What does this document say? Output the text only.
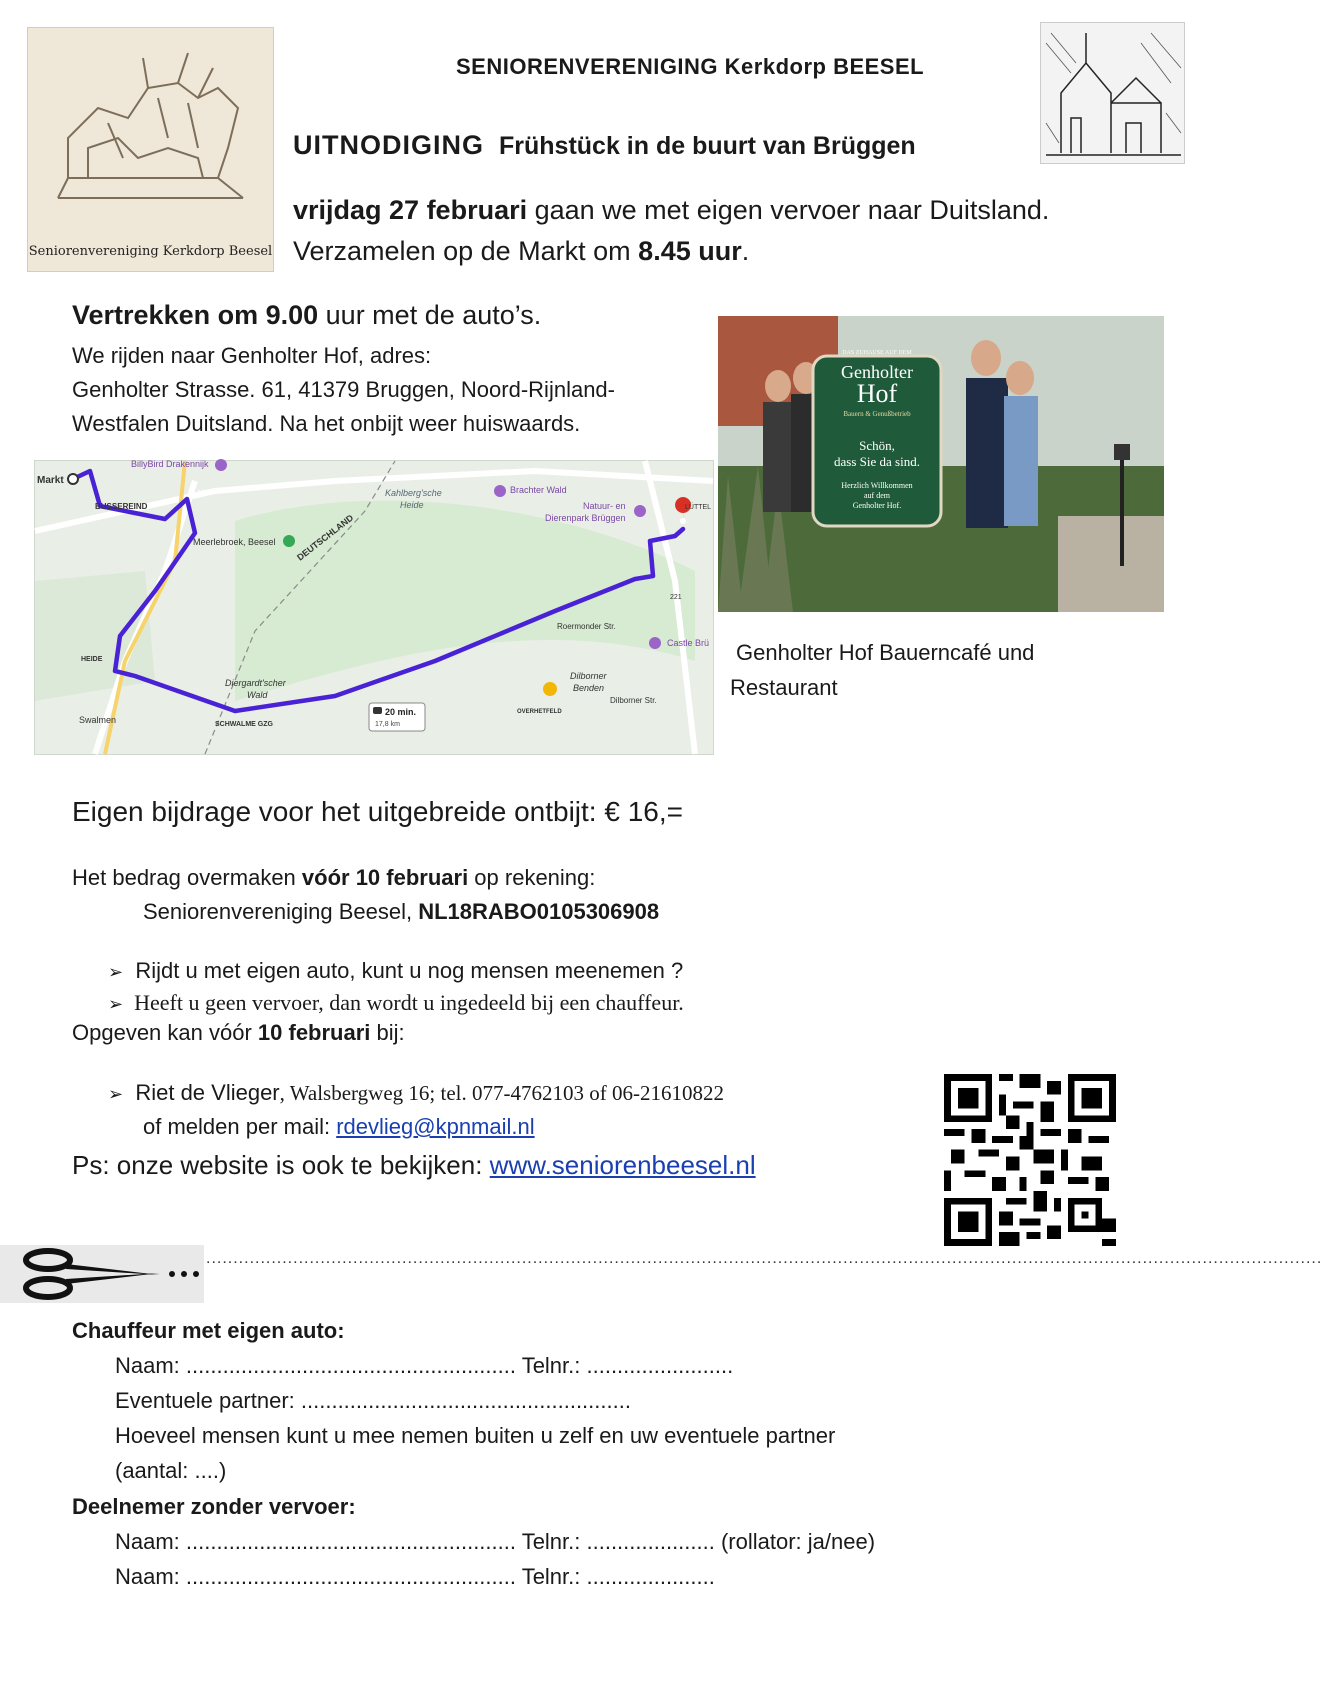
Seniorenvereniging Kerkdorp Beesel
SENIORENVERENIGING Kerkdorp BEESEL
UITNODIGING Frühstück in de buurt van Brüggen
vrijdag 27 februari gaan we met eigen vervoer naar Duitsland.
Verzamelen op de Markt om 8.45 uur.
Vertrekken om 9.00 uur met de auto’s.
We rijden naar Genholter Hof, adres:
Genholter Strasse. 61, 41379 Bruggen, Noord-Rijnland-
Westfalen Duitsland. Na het onbijt weer huiswaards.
Markt
BUSSEREIND
BillyBird Drakennijk
A73
Meerlebroek, Beesel DEUTSCHLAND
Kahlberg'sche
Heide
Brachter Wald
Natuur- en
Dierenpark Brüggen
LÜTTEL
221
Roermonder Str.
Castle Brü
Dilborner
Benden
Dilborner Str.
OVERHETFELD
HEIDE
Swalmen
Diergardt'scher
Wald
SCHWALME GZG
20 min.
17,8 km
DAS ZUHAUSE AUF DEM
Genholter
Hof
Bauern & Genußbetrieb
Schön,
dass Sie da sind.
Herzlich Willkommen
auf dem
Genholter Hof.
Genholter Hof Bauerncafé und
Restaurant
Eigen bijdrage voor het uitgebreide ontbijt: € 16,=
Het bedrag overmaken vóór 10 februari op rekening:
Seniorenvereniging Beesel, NL18RABO0105306908
➢ Rijdt u met eigen auto, kunt u nog mensen meenemen ?
➢ Heeft u geen vervoer, dan wordt u ingedeeld bij een chauffeur.
Opgeven kan vóór 10 februari bij:
➢ Riet de Vlieger, Walsbergweg 16; tel. 077-4762103 of 06-21610822
of melden per mail: rdevlieg@kpnmail.nl
Ps: onze website is ook te bekijken: www.seniorenbeesel.nl
.............................................................................................................................................................................................................
Chauffeur met eigen auto:
Naam: ...................................................... Telnr.: ........................
Eventuele partner: ......................................................
Hoeveel mensen kunt u mee nemen buiten u zelf en uw eventuele partner
(aantal: ....)
Deelnemer zonder vervoer:
Naam: ...................................................... Telnr.: ..................... (rollator: ja/nee)
Naam: ...................................................... Telnr.: .....................
